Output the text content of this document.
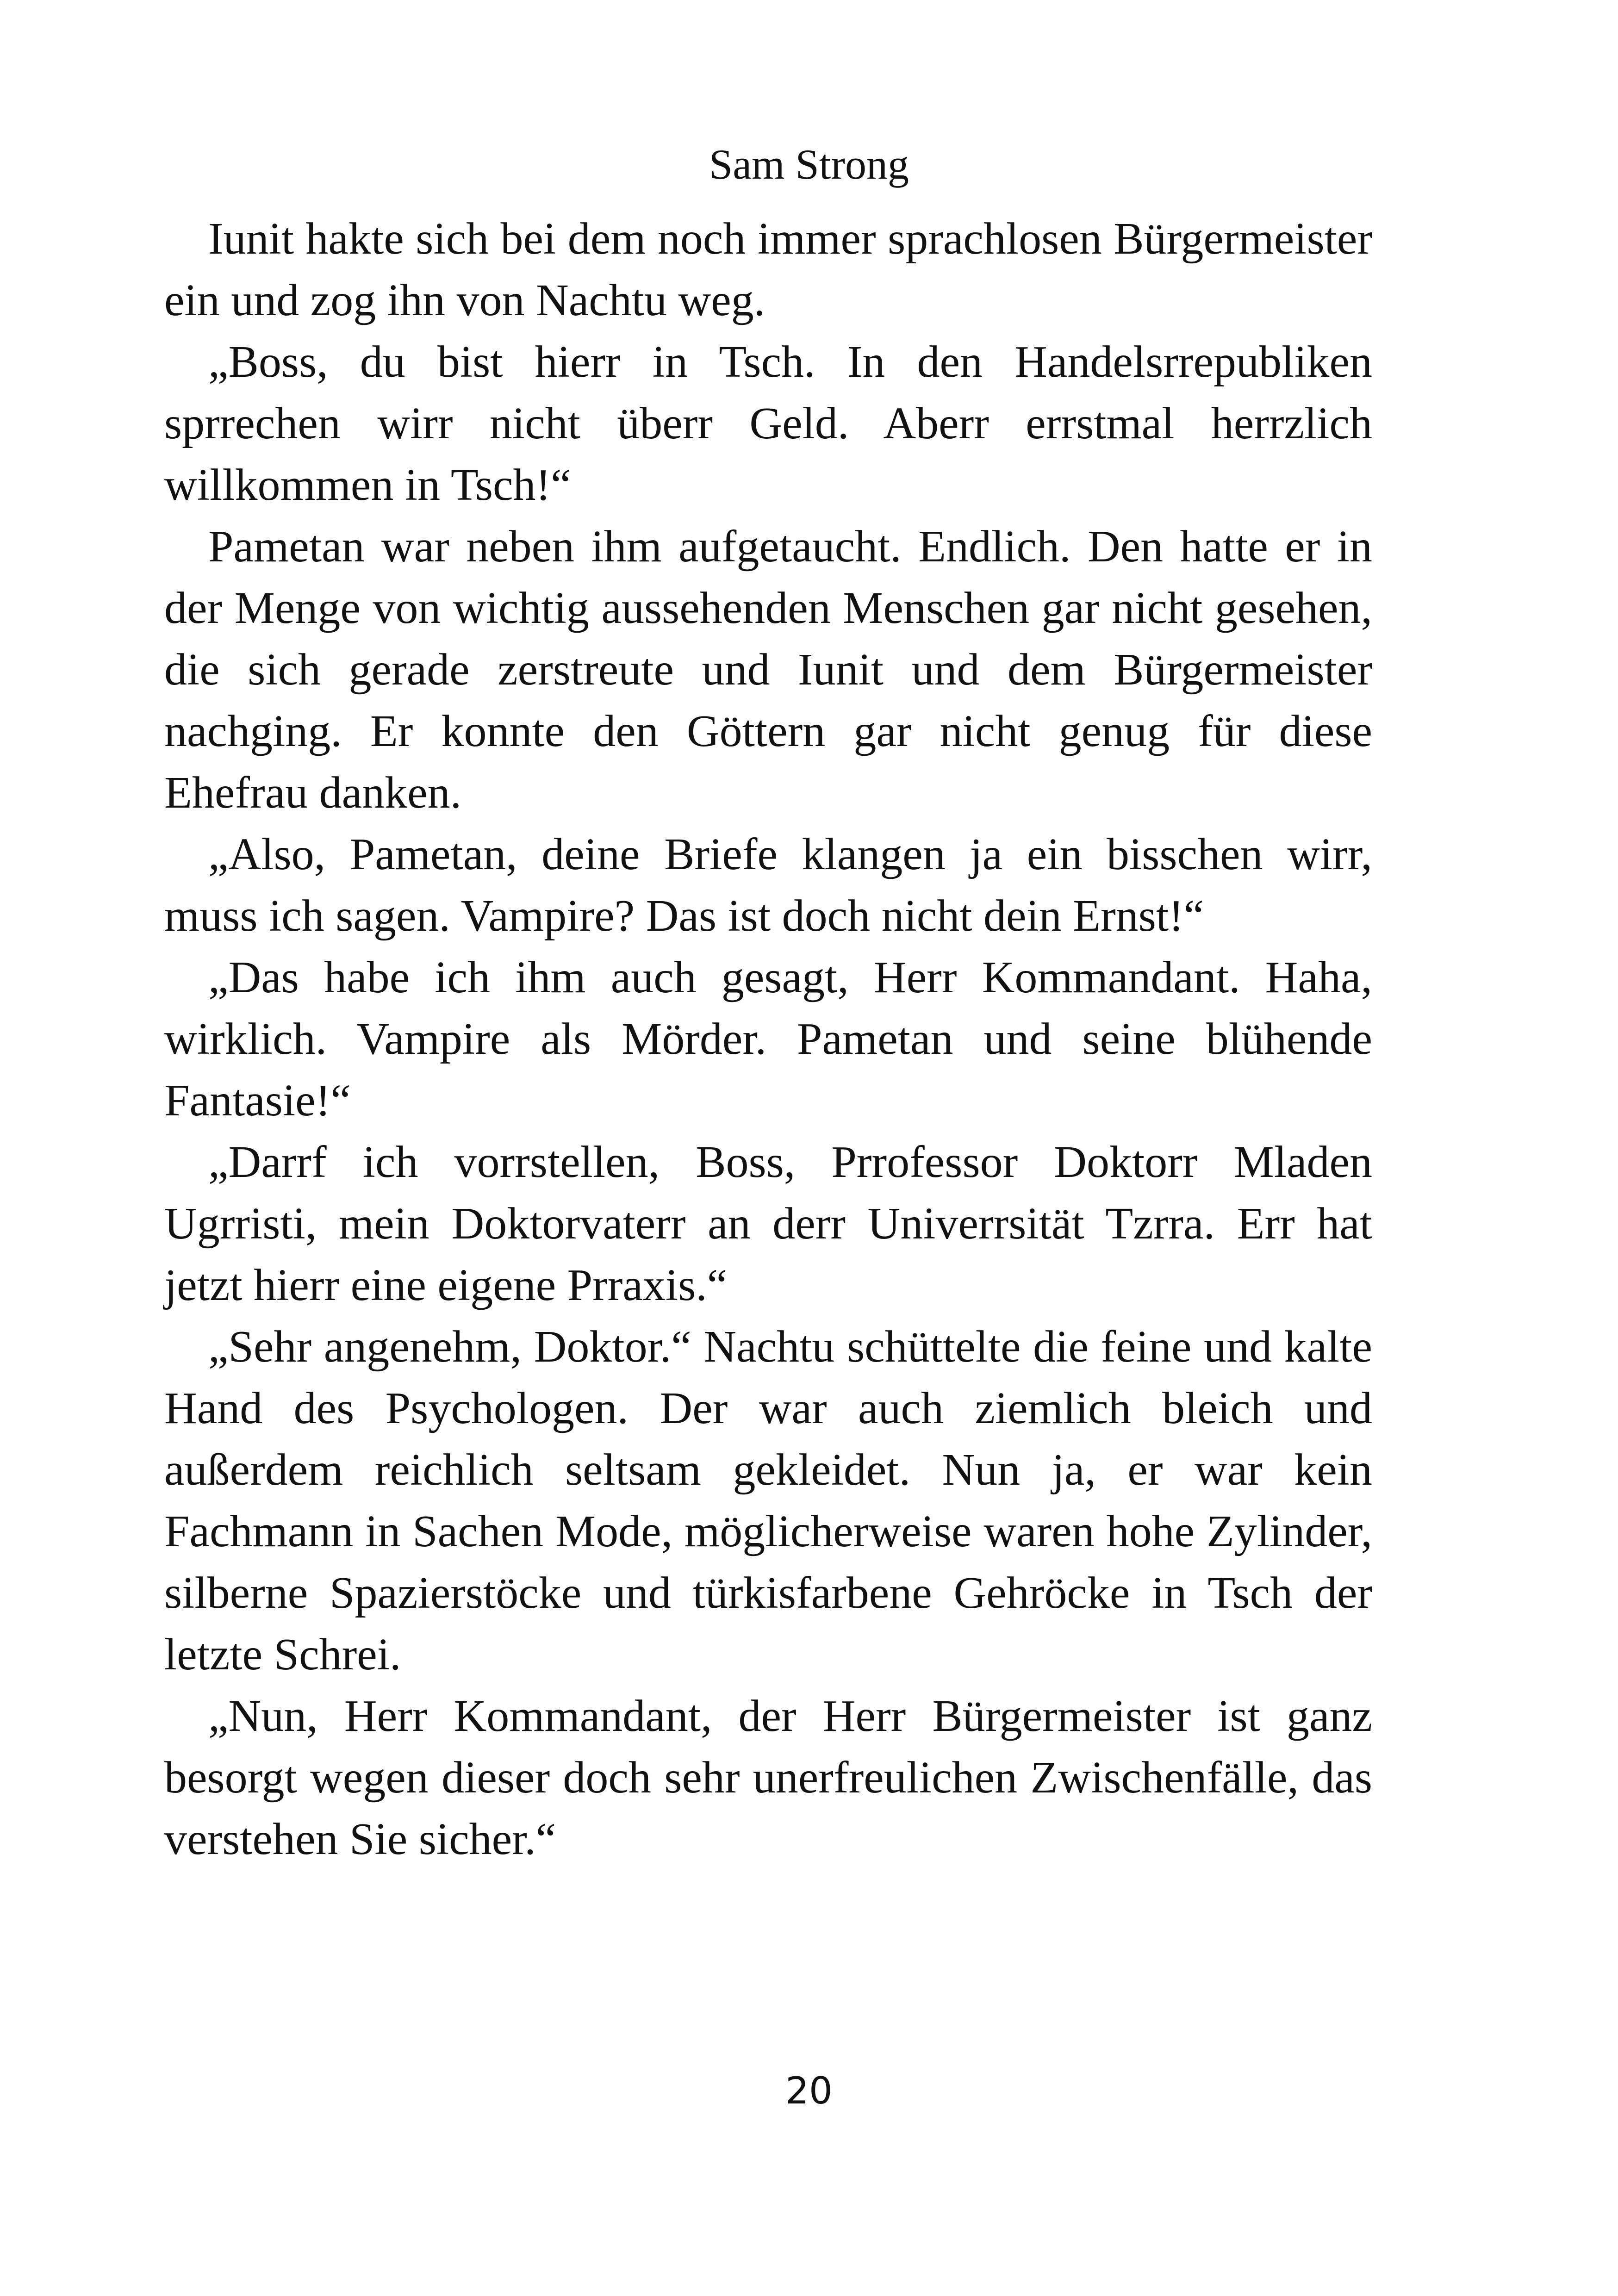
Sam Strong

Iunit hakte sich bei dem noch immer sprachlosen Bürgermeister ein und zog ihn von Nachtu weg.

„Boss, du bist hierr in Tsch. In den Handelsrrepubliken sprrechen wirr nicht überr Geld. Aberr errstmal herrzlich willkommen in Tsch!“

Pametan war neben ihm aufgetaucht. Endlich. Den hatte er in der Menge von wichtig aussehenden Menschen gar nicht gesehen, die sich gerade zerstreute und Iunit und dem Bürgermeister nachging. Er konnte den Göttern gar nicht genug für diese Ehefrau danken.

„Also, Pametan, deine Briefe klangen ja ein bisschen wirr, muss ich sagen. Vampire? Das ist doch nicht dein Ernst!“

„Das habe ich ihm auch gesagt, Herr Kommandant. Haha, wirklich. Vampire als Mörder. Pametan und seine blühende Fantasie!“

„Darrf ich vorrstellen, Boss, Prrofessor Doktorr Mladen Ugrristi, mein Doktorvaterr an derr Univerrsität Tzrra. Err hat jetzt hierr eine eigene Prraxis.“

„Sehr angenehm, Doktor.“ Nachtu schüttelte die feine und kalte Hand des Psychologen. Der war auch ziemlich bleich und außerdem reichlich seltsam gekleidet. Nun ja, er war kein Fachmann in Sachen Mode, möglicherweise waren hohe Zylinder, silberne Spazierstöcke und türkisfarbene Gehröcke in Tsch der letzte Schrei.

„Nun, Herr Kommandant, der Herr Bürgermeister ist ganz besorgt wegen dieser doch sehr unerfreulichen Zwischenfälle, das verstehen Sie sicher.“

20
